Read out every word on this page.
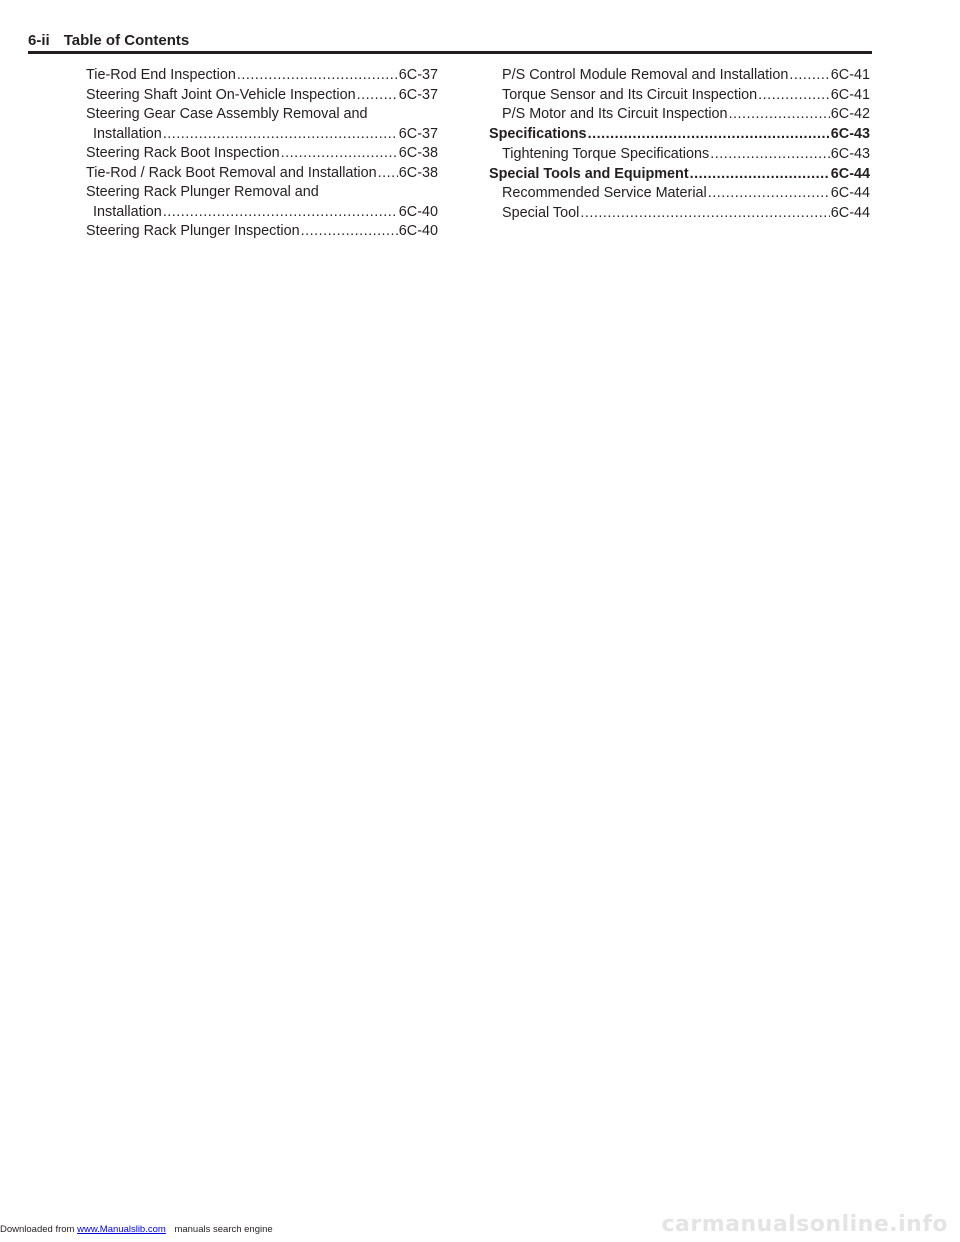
6-ii Table of Contents
Tie-Rod End Inspection .....	6C-37
Steering Shaft Joint On-Vehicle Inspection .....	6C-37
Steering Gear Case Assembly Removal and
Installation .....	6C-37
Steering Rack Boot Inspection .....	6C-38
Tie-Rod / Rack Boot Removal and Installation ..... 6C-38
Steering Rack Plunger Removal and
Installation .....	6C-40
Steering Rack Plunger Inspection .....	6C-40
P/S Control Module Removal and Installation .....	6C-41
Torque Sensor and Its Circuit Inspection .....	6C-41
P/S Motor and Its Circuit Inspection .....	6C-42
Specifications .....	6C-43
Tightening Torque Specifications .....	6C-43
Special Tools and Equipment .....	6C-44
Recommended Service Material .....	6C-44
Special Tool .....	6C-44
Downloaded from www.Manualslib.com manuals search engine	carmanualsonline.info
